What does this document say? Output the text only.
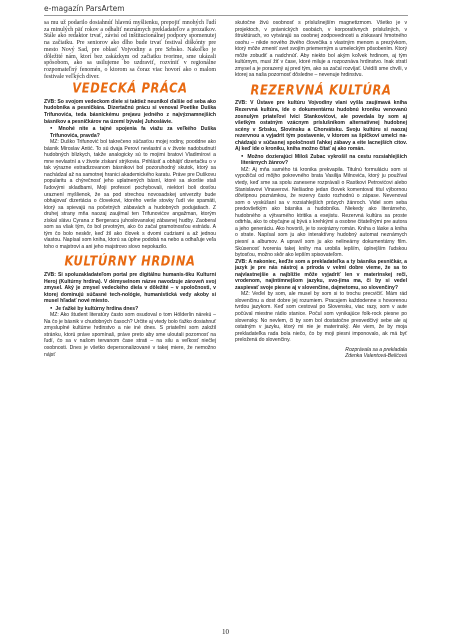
e-magazín ParsArtem

sa mu už podarilo dosiahnúť hlavnú myšlienku, prepojiť mnohých ľudí za minulých päť rokov a odhaliť neznámych prekladateľov a prozaikov. Stále ako redaktor trvať, závisí od inštitucionálnej podpory spomenutej na začiatku. Pre seniorov ako dlho bude trvať festival diškónty pre mesto Nový Sad, pre oblasť Vojvodiny a pre Srbsko. Nakoľko je dôležité nám, ktorí bez zakázkym od začiatku tvorime, sme ukázali spôsobom, ako sa usilujeme bo uzdraviť, rozvíniť v regionálne rozpomateľný fenomén, o ktorom sa čoraz viac hovorí ako o malom festivale veľkých diver.

VEDECKÁ PRÁCA

ZVB: So svojom vedeckom diele si taktiež neunikol ďalšie od seba ako hudobníka a pesničkára. Dizertačnú prácu si venoval Poetike Duška Trifunovića, teda básnickému prejavu jedného z najvýznamnejších básnikov a pesničkárov na území bývalej Juhoslávie.

● Mnohé nite a tajné spojenia fa viažu za veľkého Duška Trifunovića, pravda?

MZ: Duško Trifunović bol takrečeno súčasťou mojej rodiny, pooddne ako básnik Miroslav Antić. To sú dvaja Peroví nevlastní a v živote nadobudnutí hudobných blízkych, takže analogicky sú to mojimi bratovi Vladimírovi a mne nevlastní a v živote získaní strýkovia. Prihlásiť a obhájiť dizertačku o v tak výrazne estradizovanom básnikovi bol pozoruhodný skutok, ktorý sa nachádzal až na samotnej hranici akademického karatu. Práve pre Duškovu popularitu a chýrečnosť jeho uplatnených básní, ktoré sa skoršie stali ľudovými skladbami, Moji profesori pochybovali, niektorí boli dosťou uraznení myšlienok, že sa pod strechou novosadskej univerzity bude obhajovať dizertácia o človekovi, ktorého verše stovky ľudí vie spamäti, ktorý sa spievajú na početných zábavách a hudobných podujatiach. Z druhej strany mňa naozaj zaujímal ten Trifunovićov angažman, ktorým získal slávu Cyrana z Bergeracu juhoslovanskej zábavnej hudby. Zaoberal som sa však tým, čo bol prvotným, ako čo začal gramotnosťou estrádu. A tým čo bolo neskôr, keď žil ako človek s dvomi cudziami a až jednou vlastou. Napísal som kniha, ktorú sa úplne podobá na nebo a odhaľuje veľa toho o majstrovi a ani jeho majstrovo slovo nepokazilo.

KULTÚRNY HRDINA

ZVB: Si spoluzakladateľom portal pre digitálnu humanis-tiku Kulturni Heroj (Kultúrny hrdina). V démyselnom názve navodzuje zároveň svoj zmysel. Aký je zmysel vedeckého diela v dôležité – v spoločnosti, v ktorej dominujú súčasné tech-nológie, humanistická vedy akoby si musel hľadať nové miesto.

● Je ťažké by kultúrny hrdina dnes?

MZ: Ako študent literatúry často som osudoval o tom Hölderlin nárekú – Na čo je básnik v chudobných časoch? Určite aj vtedy bolo ťažko dosiahnuť zmysluplné kultúrne hrdinstvo a nie iné dnes. S priateľmi som založil stránku, ktorú práve spomínaš, práve preto aby sme uloutali pozornosť na ľudí, čo sa v našom tervanom čase strati – na silu a veľkosť niečlej osobnosti. Dnes je všetko depersonalizované v takej miere, že nemožno nájsť

skutočne živú osobnosť s príslušnejším magnetizmom. Všetko je v projektoch, v právnických osobách, v korporatívnych príslušných, v štruktúrach, vo vytvárajú sa osobnej zodpovednosti a získavaní hmotného osohu – nikde nového živého človečika s vlastným menom a prezývkom, ktorý môže zmeniť svet svojím priemerným a umeleckým pôsobením. Ktorý môže zobudiť a nadchnúť. Aby niekto bol akým koľvek hrdinom, aj tým kultúrnym, musí žiť v čase, ktoré miluje a rozpoznáva hrdinstvo. Inak stratí zmysel a je porazený aj pred tým, ako sa začal rozvíjať. Uvidíš sme chvíli, v ktorej sa naša pozornosť dôsledne – nevenuje hrdinstvu.

REZERVNÁ KULTÚRA

ZVB: V Ústave pre kultúru Vojvodiny vlani vyšla zaujímavá kniha Rezervná kultúra, ide o dokumentárnu hudobnú kroniku venovanú zosnulým priateľovi Ivici Stankovićovi, ale povedala by som aj všetkým ostatným vzácnym príslušníkom alternatívnej hudobnej scény v Srbsku, Slovinsku a Chorvátsku. Svoju kultúru si naozaj rezervnou a vyjadrit tým postavenie, v ktorom sa špičkoví umelci na-chádzajú v súčasnej spoločnosti ľahkej zábavy a eite lacnejších citov. Aj keď ide o kroniku, kniha možno čítať aj ako román.

● Možno dozierajúci Miloš Zubac vykrošil na cestu rozsiahlejších literárnych žánrov?

MZ: Aj mňa samého tá kronika prekvapila. Titulnú formuláciu som si vypožičal od môjho pokrevného brata Vasilija Milnovića, ktorý ju používal vtedy, keď sme sa spolu zanesene rozprávali o Rastkovi Petrovićovi alebo Stanislavovi Vinaverovi. Nešiadno jedan človek komentoval titul výbornou dôvtipnou poznámkou, že rezervy často rozhodnú o zápase. Nevenoval som o vyskúšaní sa v rozsiahlejších prózych žánroch. Videl som seba predovšetkým ako básnika a hudobníka. Niekedy ako literárneho, hudobného a výtvarného ktritika a esejistu. Rezervná kultúra sa proste odtrhla, ako to obyčajne aj bývá s krehkými a osobne čitateľnými pre autora a jeho generáciu. Ako hovoriš, je to svojrázny román. Kniha o láske a kniha o strate. Napísal som ju ako interaktívny hudobný automat neznámych piesní a albumov. A upravil som ju ako nelineárny dokumentárny film. Skúsenosť tvorenia takej knihy ma urobila lepším, úplnejším ľudskou bytosťou, možno skôr ako lepším spisovateľom.

ZVB: A nakoniec, keďže som a prekladateľka a ty básnika pesničkár, a jazyk je pre nás nástroj a príroda v velmi dobre vieme, že sa to najvlastnejšie a najbližie môže vyjadriť len v materinskej reči, vrodenom, najintímnejšom jazyku, svo-jima ma, či by si vedel zaspievať svoje piesne aj v slovenčine, dajmetomu, so slovenčiny?

MZ: Veďel by som, ale musel by som si to trochu precvičiť. Mám rád slovenčinu a dost dobre jej rozumiem. Pracujem každodenne s hovorenou tvrdou jazykom. Keď som cestoval po Slovensku, viac razy, som v aute počúval miestne rádio stanice. Počul som vynikajúce folk-rock piesne po slovensky. No nevlem, či by som bol dostatočne presvedčivý sebe ale aj ostatným v jazyku, ktorý mi nie je materinský. Ale viem, že by moja prekladateľka rada bola niečo, čo by moji piesni imponovalo, ak má byť preložená do slovenčiny.

Rozprávala sa a prekladala
Zdenka Valentová-Belićová
10
